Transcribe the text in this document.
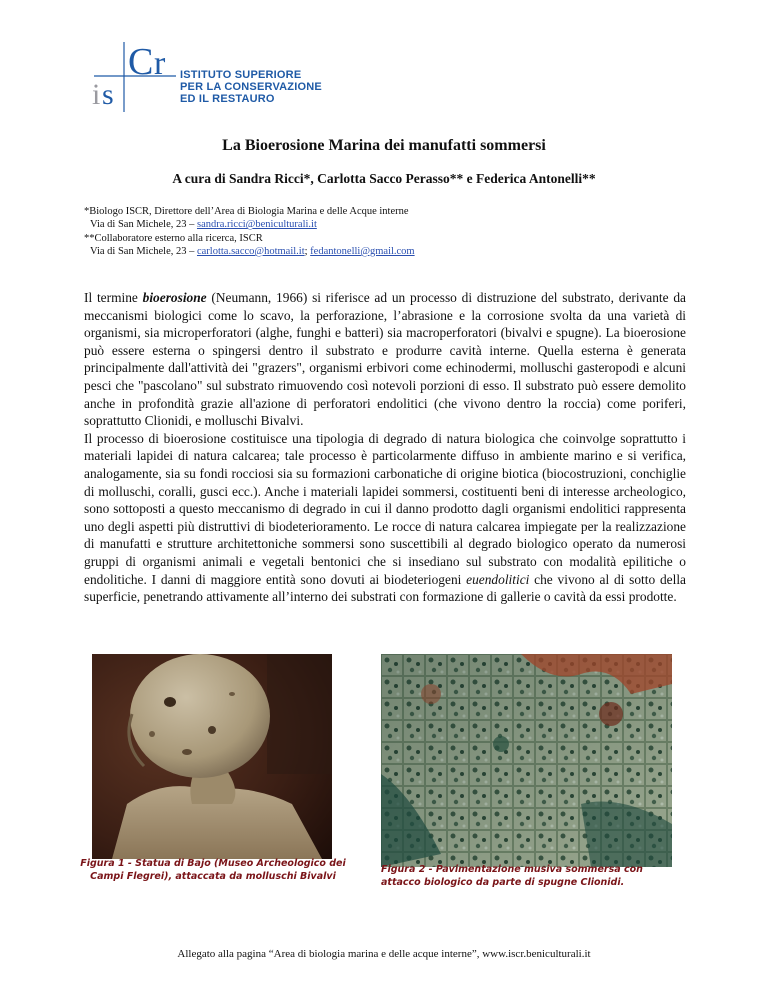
i s
C r ISTITUTO SUPERIORE
PER LA CONSERVAZIONE
ED IL RESTAURO
La Bioerosione Marina dei manufatti sommersi
A cura di Sandra Ricci*, Carlotta Sacco Perasso** e Federica Antonelli**
*Biologo ISCR, Direttore dell’Area di Biologia Marina e delle Acque interne
Via di San Michele, 23 – sandra.ricci@beniculturali.it
**Collaboratore esterno alla ricerca, ISCR
Via di San Michele, 23 – carlotta.sacco@hotmail.it; fedantonelli@gmail.com

Il termine bioerosione (Neumann, 1966) si riferisce ad un processo di distruzione del substrato, derivante da meccanismi biologici come lo scavo, la perforazione, l’abrasione e la corrosione svolta da una varietà di organismi, sia microperforatori (alghe, funghi e batteri) sia macroperforatori (bivalvi e spugne). La bioerosione può essere esterna o spingersi dentro il substrato e produrre cavità interne. Quella esterna è generata principalmente dall'attività dei "grazers", organismi erbivori come echinodermi, molluschi gasteropodi e alcuni pesci che "pascolano" sul substrato rimuovendo così notevoli porzioni di esso. Il substrato può essere demolito anche in profondità grazie all'azione di perforatori endolitici (che vivono dentro la roccia) come poriferi, soprattutto Clionidi, e molluschi Bivalvi.

Il processo di bioerosione costituisce una tipologia di degrado di natura biologica che coinvolge soprattutto i materiali lapidei di natura calcarea; tale processo è particolarmente diffuso in ambiente marino e si verifica, analogamente, sia su fondi rocciosi sia su formazioni carbonatiche di origine biotica (biocostruzioni, conchiglie di molluschi, coralli, gusci ecc.). Anche i materiali lapidei sommersi, costituenti beni di interesse archeologico, sono sottoposti a questo meccanismo di degrado in cui il danno prodotto dagli organismi endolitici rappresenta uno degli aspetti più distruttivi di biodeterioramento. Le rocce di natura calcarea impiegate per la realizzazione di manufatti e strutture architettoniche sommersi sono suscettibili al degrado biologico operato da numerosi gruppi di organismi animali e vegetali bentonici che si insediano sul substrato con modalità epilitiche o endolitiche. I danni di maggiore entità sono dovuti ai biodeteriogeni euendolitici che vivono al di sotto della superficie, penetrando attivamente all’interno dei substrati con formazione di gallerie o cavità da essi prodotte.

Figura 1 - Statua di Bajo (Museo Archeologico dei Campi Flegrei), attaccata da molluschi Bivalvi
Figura 2 - Pavimentazione musiva sommersa con attacco biologico da parte di spugne Clionidi.
Allegato alla pagina “Area di biologia marina e delle acque interne”, www.iscr.beniculturali.it
